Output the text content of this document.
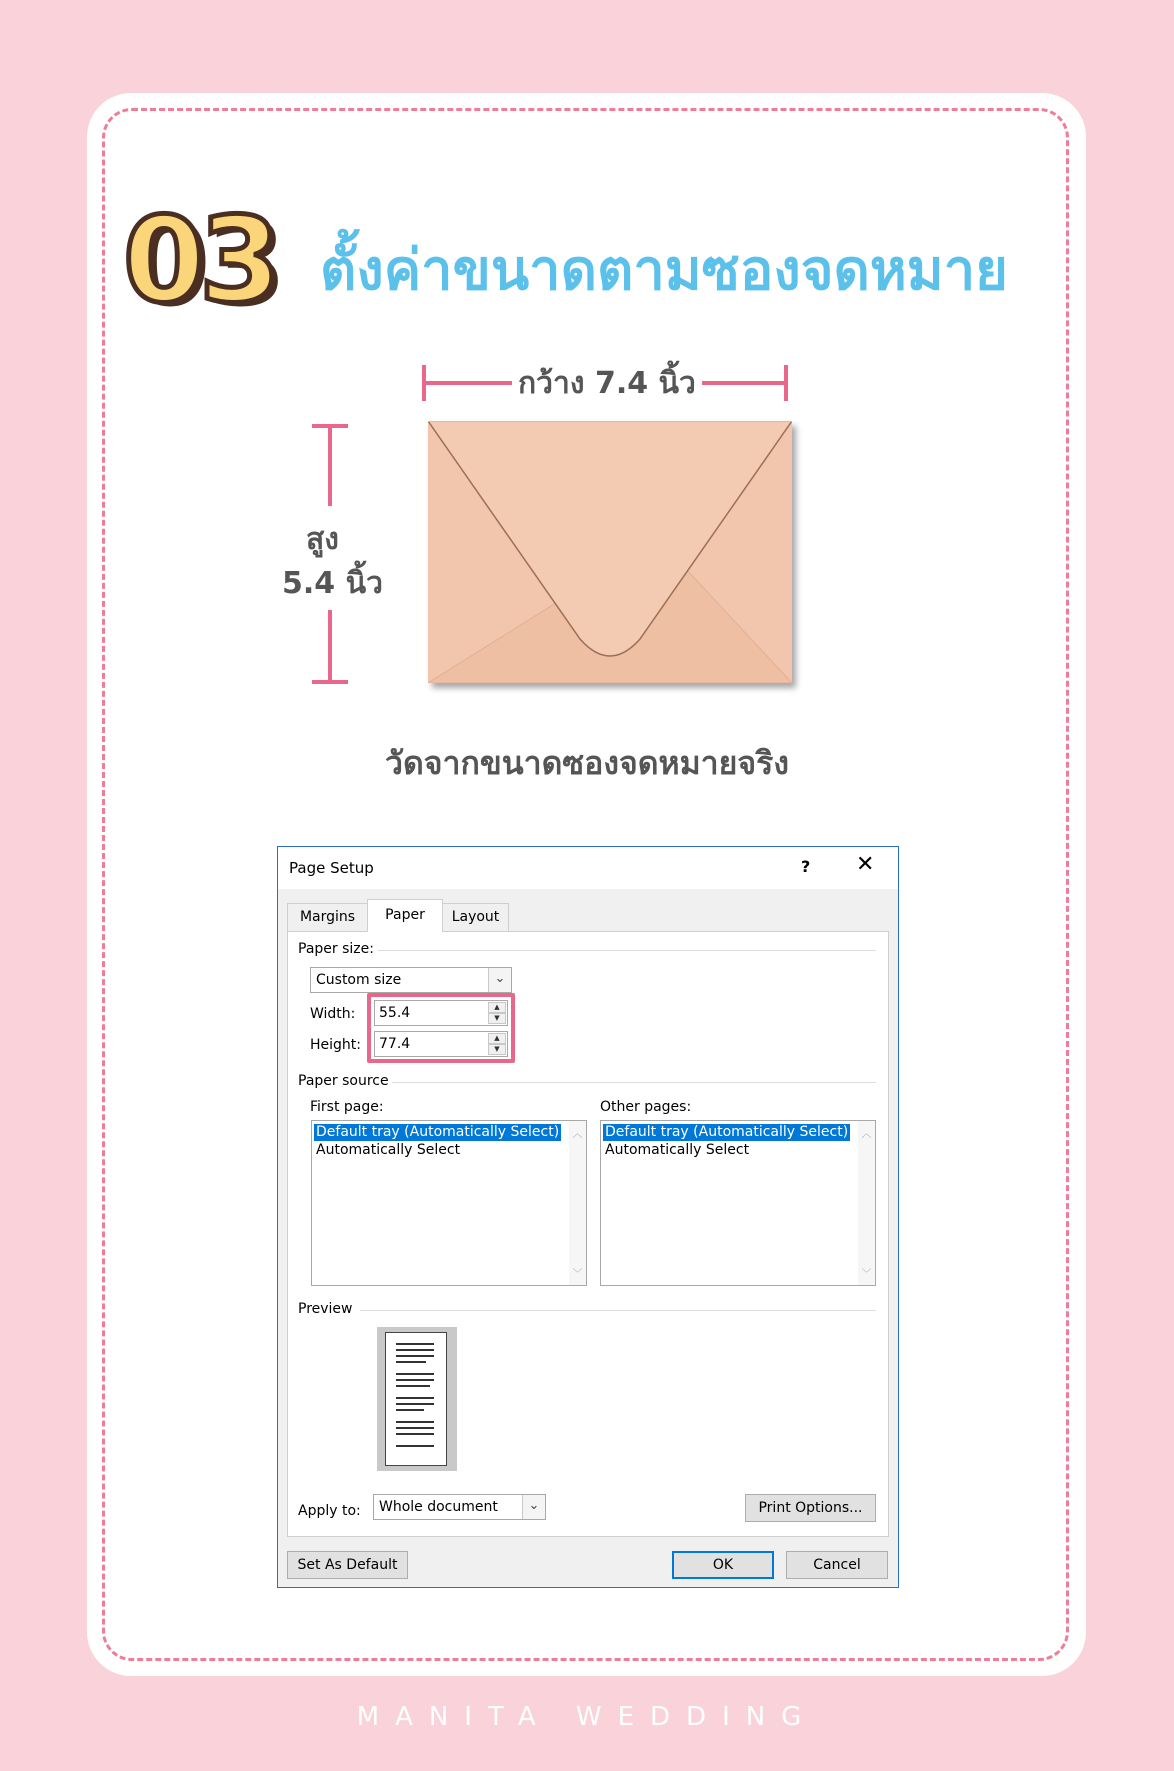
03 ตั้งค่าขนาดตามซองจดหมาย
กว้าง 7.4 นิ้ว
สูง
5.4 นิ้ว
วัดจากขนาดซองจดหมายจริง
Page Setup	? ✕
Margins	Paper	Layout
Paper size:
Custom size	⌄
Width: 55.4	▲
▼
Height: 77.4	▲
▼
Paper source
First page:	Other pages:
Default tray (Automatically Select)
Automatically Select
︿
﹀
Default tray (Automatically Select)
Automatically Select
︿
﹀
Preview
Apply to: Whole document	⌄	Print Options...
Set As Default	OK	Cancel
MANITA WEDDING
